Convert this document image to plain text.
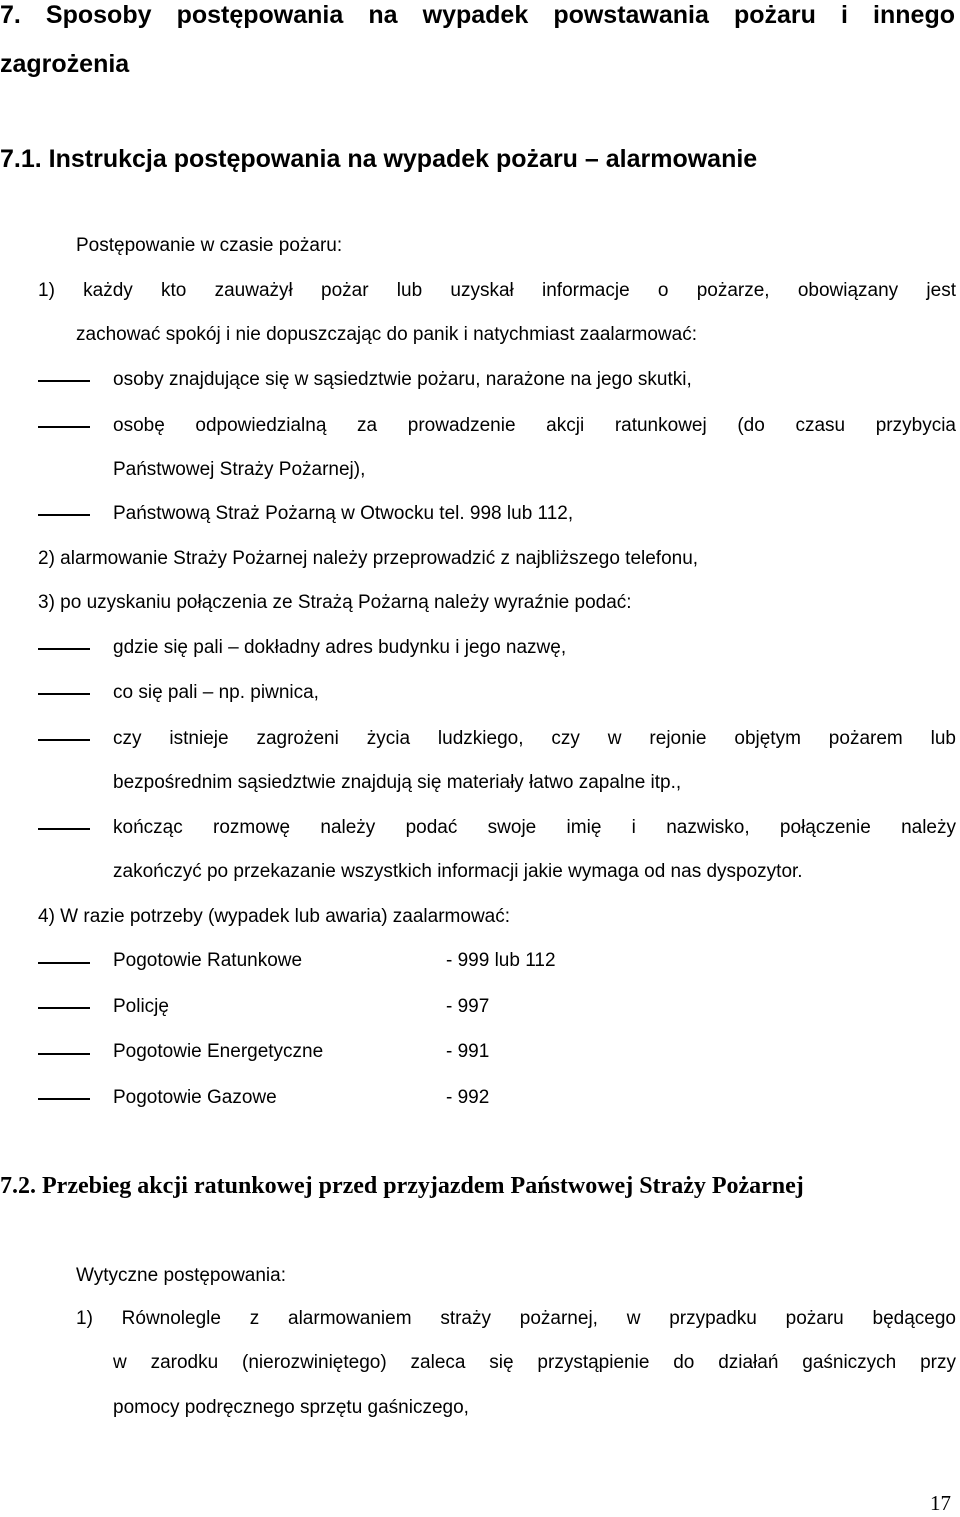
7. Sposoby postępowania na wypadek powstawania pożaru i innego
zagrożenia
7.1. Instrukcja postępowania na wypadek pożaru – alarmowanie
Postępowanie w czasie pożaru:
1) każdy kto zauważył pożar lub uzyskał informacje o pożarze, obowiązany jest
zachować spokój i nie dopuszczając do panik i natychmiast zaalarmować:
osoby znajdujące się w sąsiedztwie pożaru, narażone na jego skutki,
osobę odpowiedzialną za prowadzenie akcji ratunkowej (do czasu przybycia
Państwowej Straży Pożarnej),
Państwową Straż Pożarną w Otwocku tel. 998 lub 112,
2) alarmowanie Straży Pożarnej należy przeprowadzić z najbliższego telefonu,
3) po uzyskaniu połączenia ze Strażą Pożarną należy wyraźnie podać:
gdzie się pali – dokładny adres budynku i jego nazwę,
co się pali – np. piwnica,
czy istnieje zagrożeni życia ludzkiego, czy w rejonie objętym pożarem lub
bezpośrednim sąsiedztwie znajdują się materiały łatwo zapalne itp.,
kończąc rozmowę należy podać swoje imię i nazwisko, połączenie należy
zakończyć po przekazanie wszystkich informacji jakie wymaga od nas dyspozytor.
4) W razie potrzeby (wypadek lub awaria) zaalarmować:
Pogotowie Ratunkowe	- 999 lub 112
Policję	- 997
Pogotowie Energetyczne	- 991
Pogotowie Gazowe	- 992
7.2. Przebieg akcji ratunkowej przed przyjazdem Państwowej Straży Pożarnej
Wytyczne postępowania:
1) Równolegle z alarmowaniem straży pożarnej, w przypadku pożaru będącego
w zarodku (nierozwiniętego) zaleca się przystąpienie do działań gaśniczych przy
pomocy podręcznego sprzętu gaśniczego,
17
